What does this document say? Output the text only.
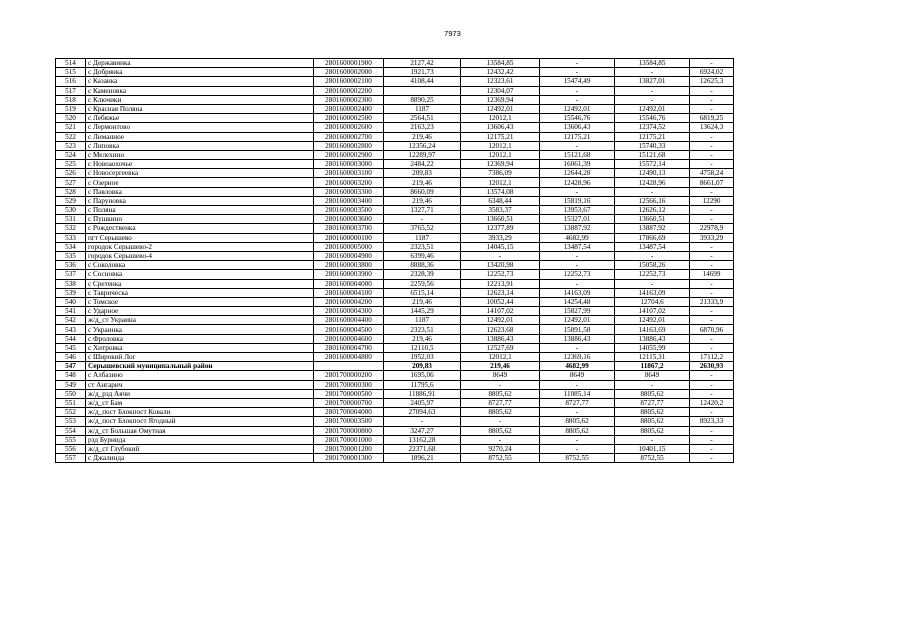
7973
514	с Державинка	2801600001900	2127,42	13584,85	-	13584,85	-
515	с Добрянка	2801600002000	1921,73	12432,42	-	-	6924,02
516	с Казанка	2801600002100	4108,44	12323,61	15474,49	13827,01	12625,3
517	с Каменовка	2801600002200		12304,07	-	-	-
518	с Ключики	2801600002300	8890,25	12369,94	-	-	-
519	с Красная Поляна	2801600002400	1187	12492,01	12492,01	12492,01	-
520	с Лебяжье	2801600002500	2564,51	12012,1	15546,76	15546,76	6819,25
521	с Лермонтово	2801600002600	2163,23	13606,43	13606,43	12374,52	13624,3
522	с Лиманное	2801600002700	219,46	12175,21	12175,21	12175,21	-
523	с Липовка	2801600002800	12356,24	12012,1	-	15740,33	-
524	с Мелехино	2801600002900	12289,97	12012,1	15121,68	15121,68	-
525	с Новоаохочье	2801600003000	2484,22	12369,94	16061,39	15572,14	-
526	с Новосергеевка	2801600003100	209,83	7386,09	12644,28	12490,13	4758,24
527	с Озерное	2801600003200	219,46	12012,1	12428,96	12428,96	8661,07
528	с Павловка	2801600003300	8660,09	13574,08	-	-	-
529	с Паруновка	2801600003400	219,46	6348,44	15819,16	12566,16	12290
530	с Поляна	2801600003500	1327,71	3583,37	13953,67	12626,12	-
531	с Пушкино	2801600003600	-	13660,51	15327,01	13660,51	-
532	с Рождественка	2801600003700	3765,52	12377,89	13887,92	13887,92	22978,9
533	пгт Серышево	2801600000100	1187	3933,29	4682,99	17866,69	3933,29
534	городок Серышево-2	2801600005000	2323,51	14045,15	13487,54	13487,54	-
535	городок Серышево-4	2801600004900	6399,46	-	-	-	-
536	с Соколовка	2801600003800	8888,36	13420,98	-	15058,26	-
537	с Сосновка	2801600003900	2328,39	12252,73	12252,73	12252,73	14699
538	с Сретенка	2801600004000	2259,56	12213,91	-	-	-
539	с Таврическа	2801600004100	6515,14	12623,14	14163,09	14163,09	-
540	с Томское	2801600004200	219,46	10052,44	14254,48	12704,6	21333,9
541	с Ударное	2801600004300	1445,29	14107,02	15827,99	14107,02	-
542	ж/д_ст Украина	2801600004400	1187	12492,01	12492,01	12492,01	-
543	с Украинка	2801600004500	2323,51	12623,68	15891,58	14163,69	6870,96
544	с Фроловка	2801600004600	219,46	13886,43	13886,43	13886,43	-
545	с Хитровка	2801600004700	12110,5	12527,69	-	14055,99	-
546	с Широкий Лог	2801600004800	1952,03	12012,1	12369,16	12115,31	17112,2
547	Серышевский муниципальный район		209,83	219,46	4682,99	11867,2	2630,93
548	с Албазино	2801700000200	1695,06	8649	8649	8649	-
549	ст Ангарич	2801700000300	11795,6	-	-	-	-
550	ж/д_рзд Аячи	2801700000500	11886,91	8805,62	11085,14	8805,62	-
551	ж/д_ст Бам	2801700000700	2405,97	8727,77	8727,77	8727,77	12420,2
552	ж/д_пост Блокпост Ковали	2801700004000	27094,63	8805,62	-	8805,62	-
553	ж/д_пост Блокпост Ягодный	2801700003500	-	-	8805,62	8805,62	8923,33
554	ж/д_ст Большая Омутная	2801700000800	3247,27	8805,62	8805,62	8805,62	-
555	рзд Бурнида	2801700001000	13162,28	-	-	-	-
556	ж/д_ст Глубокий	2801700001200	22371,68	9270,24	-	10401,15	-
557	с Джалинда	2801700001300	1896,21	8752,55	8752,55	8752,55	-
